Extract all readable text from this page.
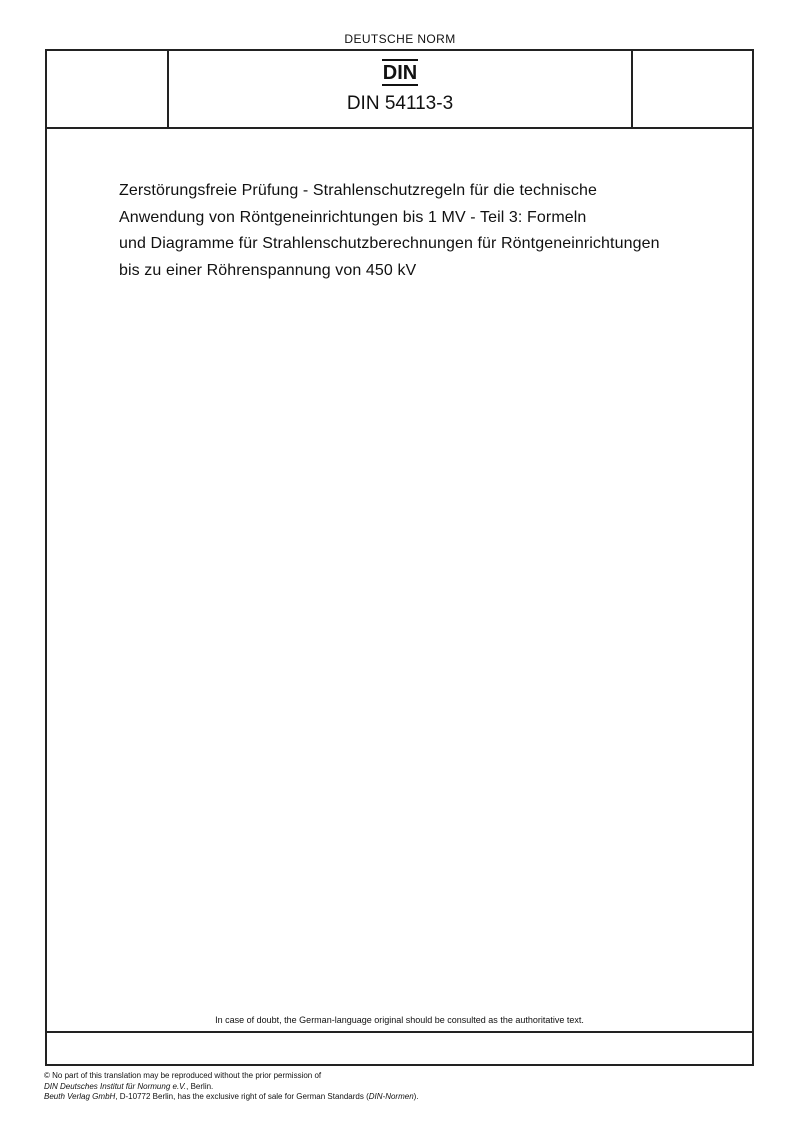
DEUTSCHE NORM
DIN
DIN 54113-3
Zerstörungsfreie Prüfung - Strahlenschutzregeln für die technische
Anwendung von Röntgeneinrichtungen bis 1 MV - Teil 3: Formeln
und Diagramme für Strahlenschutzberechnungen für Röntgeneinrichtungen
bis zu einer Röhrenspannung von 450 kV
In case of doubt, the German-language original should be consulted as the authoritative text.
© No part of this translation may be reproduced without the prior permission of
DIN Deutsches Institut für Normung e.V., Berlin.
Beuth Verlag GmbH, D-10772 Berlin, has the exclusive right of sale for German Standards (DIN-Normen).
